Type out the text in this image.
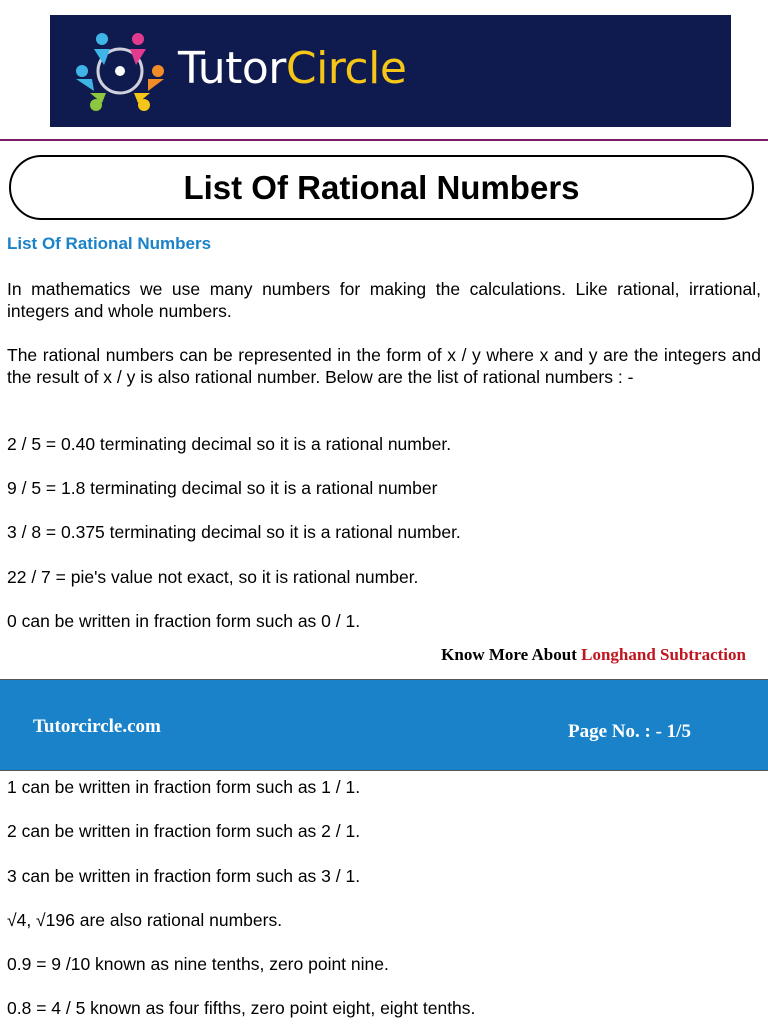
TutorCircle
List Of Rational Numbers
List Of Rational Numbers

In mathematics we use many numbers for making the calculations. Like rational, irrational, integers and whole numbers.

The rational numbers can be represented in the form of x / y where x and y are the integers and the result of x / y is also rational number. Below are the list of rational numbers : -

2 / 5 = 0.40 terminating decimal so it is a rational number.

9 / 5 = 1.8 terminating decimal so it is a rational number

3 / 8 = 0.375 terminating decimal so it is a rational number.

22 / 7 = pie's value not exact, so it is rational number.

0 can be written in fraction form such as 0 / 1.

Know More About Longhand Subtraction
Tutorcircle.com	Page No. : - 1/5

1 can be written in fraction form such as 1 / 1.

2 can be written in fraction form such as 2 / 1.

3 can be written in fraction form such as 3 / 1.

√4, √196 are also rational numbers.

0.9 = 9 /10 known as nine tenths, zero point nine.

0.8 = 4 / 5 known as four fifths, zero point eight, eight tenths.
